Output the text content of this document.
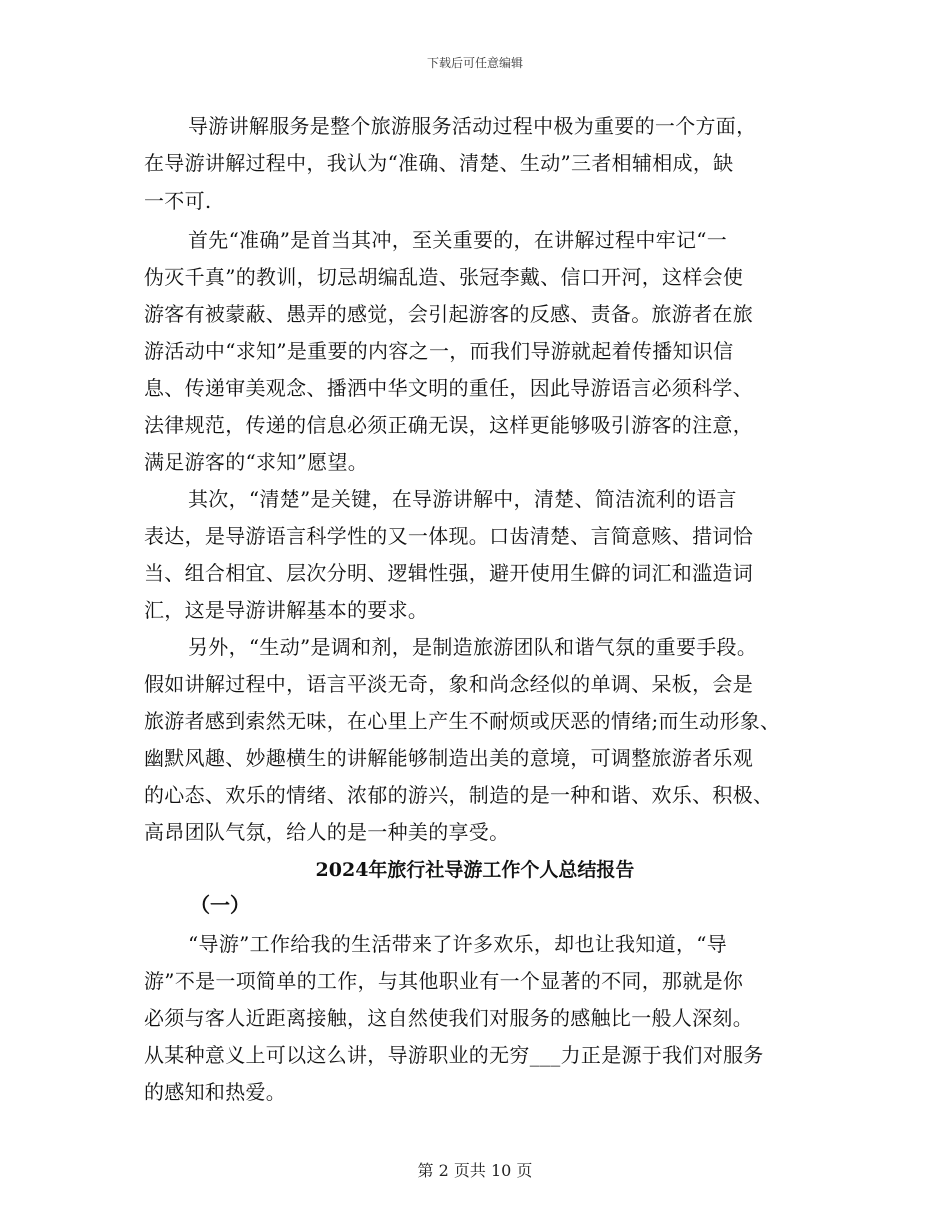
下载后可任意编辑
导游讲解服务是整个旅游服务活动过程中极为重要的一个方面，
在导游讲解过程中，我认为“准确、清楚、生动”三者相辅相成，缺
一不可.
首先“准确”是首当其冲，至关重要的，在讲解过程中牢记“一
伪灭千真”的教训，切忌胡编乱造、张冠李戴、信口开河，这样会使
游客有被蒙蔽、愚弄的感觉，会引起游客的反感、责备。旅游者在旅
游活动中“求知”是重要的内容之一，而我们导游就起着传播知识信
息、传递审美观念、播洒中华文明的重任，因此导游语言必须科学、
法律规范，传递的信息必须正确无误，这样更能够吸引游客的注意，
满足游客的“求知”愿望。
其次，“清楚”是关键，在导游讲解中，清楚、简洁流利的语言
表达，是导游语言科学性的又一体现。口齿清楚、言简意赅、措词恰
当、组合相宜、层次分明、逻辑性强，避开使用生僻的词汇和滥造词
汇，这是导游讲解基本的要求。
另外，“生动”是调和剂，是制造旅游团队和谐气氛的重要手段。
假如讲解过程中，语言平淡无奇，象和尚念经似的单调、呆板，会是
旅游者感到索然无味，在心里上产生不耐烦或厌恶的情绪;而生动形象、
幽默风趣、妙趣横生的讲解能够制造出美的意境，可调整旅游者乐观
的心态、欢乐的情绪、浓郁的游兴，制造的是一种和谐、欢乐、积极、
高昂团队气氛，给人的是一种美的享受。
2024年旅行社导游工作个人总结报告
（一）
“导游”工作给我的生活带来了许多欢乐，却也让我知道，“导
游”不是一项简单的工作，与其他职业有一个显著的不同，那就是你
必须与客人近距离接触，这自然使我们对服务的感触比一般人深刻。
从某种意义上可以这么讲，导游职业的无穷___力正是源于我们对服务
的感知和热爱。
第 2 页共 10 页
